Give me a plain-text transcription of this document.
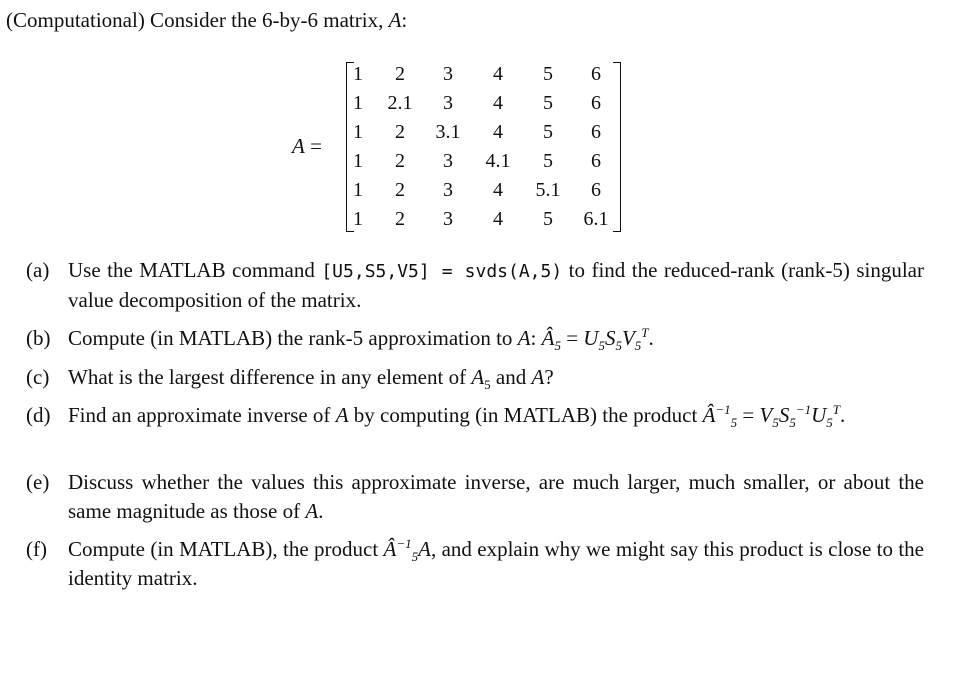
(Computational) Consider the 6-by-6 matrix, A:
A =
1	2	3	4	5	6
1	2.1	3	4	5	6
1	2	3.1	4	5	6
1	2	3	4.1	5	6
1	2	3	4	5.1	6
1	2	3	4	5	6.1
(a) Use the MATLAB command [U5,S5,V5] = svds(A,5) to find the reduced-rank (rank-5) singular value decomposition of the matrix.
(b) Compute (in MATLAB) the rank-5 approximation to A: $Â_5 = U_5S_5V_5^T$.
(c) What is the largest difference in any element of $A_5$ and A?
(d) Find an approximate inverse of A by computing (in MATLAB) the product $Â^{-1}_5 = V_5S_5^{-1}U_5^T$.
(e) Discuss whether the values this approximate inverse, are much larger, much smaller, or about the same magnitude as those of A.
(f) Compute (in MATLAB), the product $Â^{-1}_5A$, and explain why we might say this product is close to the identity matrix.
